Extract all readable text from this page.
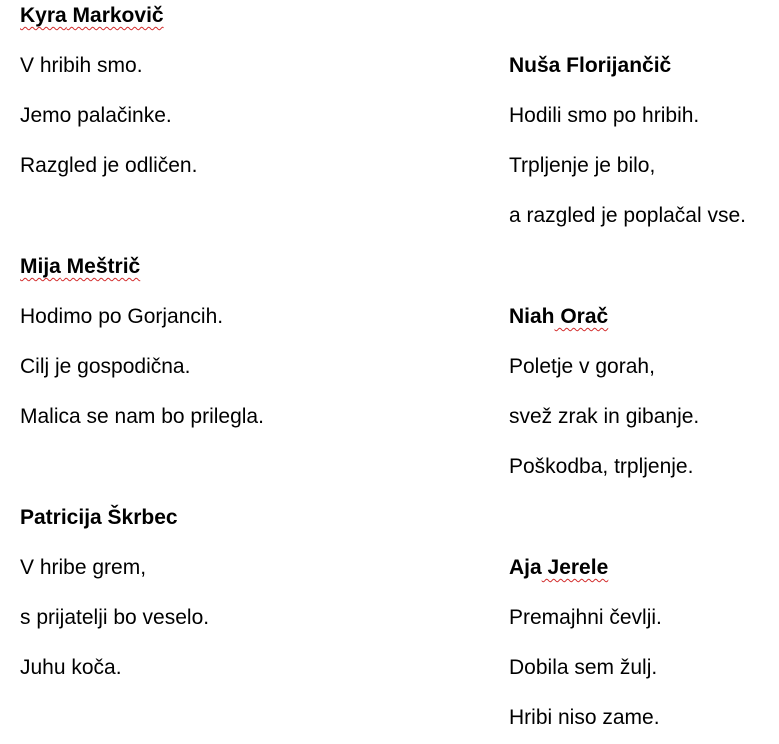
Kyra Markovič
V hribih smo.
Jemo palačinke.
Razgled je odličen.
Mija Meštrič
Hodimo po Gorjancih.
Cilj je gospodična.
Malica se nam bo prilegla.
Patricija Škrbec
V hribe grem,
s prijatelji bo veselo.
Juhu koča.
Nuša Florijančič
Hodili smo po hribih.
Trpljenje je bilo,
a razgled je poplačal vse.
Niah Orač
Poletje v gorah,
svež zrak in gibanje.
Poškodba, trpljenje.
Aja Jerele
Premajhni čevlji.
Dobila sem žulj.
Hribi niso zame.
